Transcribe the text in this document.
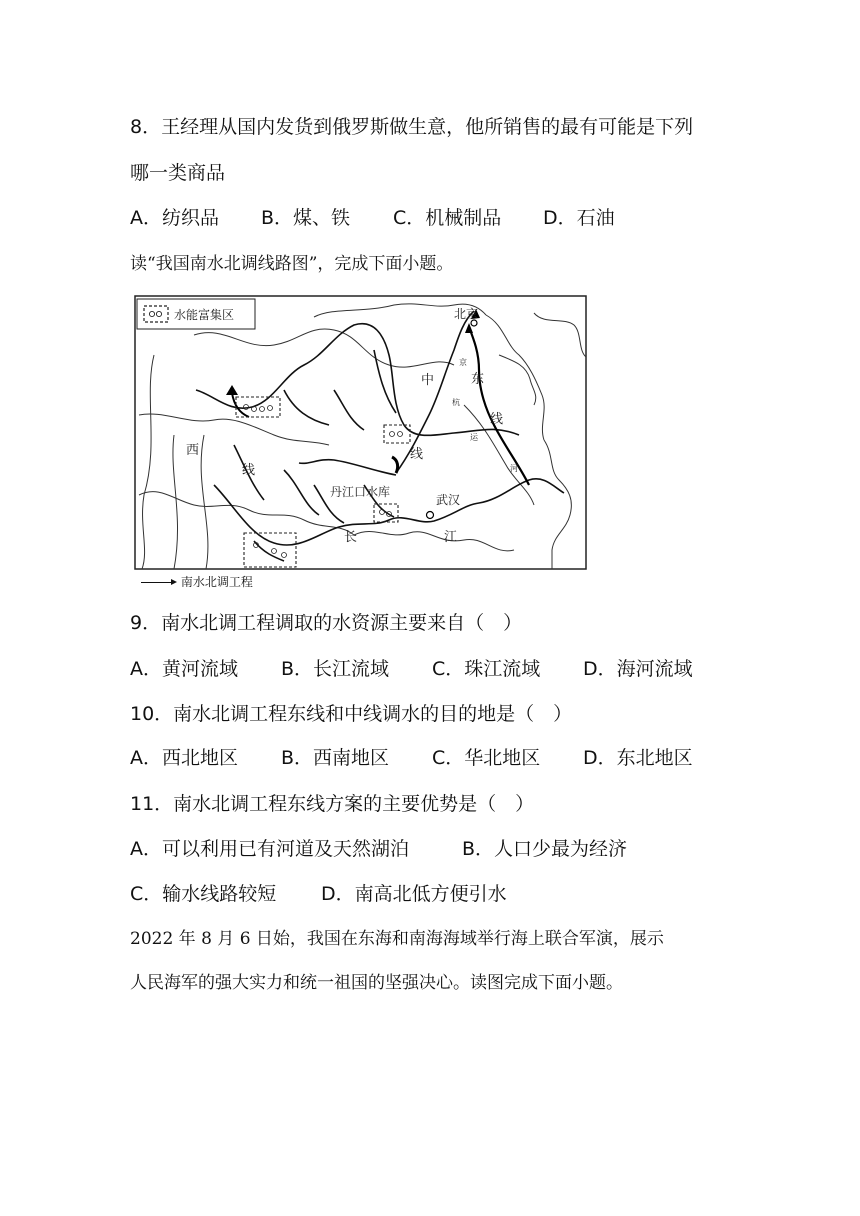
8．王经理从国内发货到俄罗斯做生意，他所销售的最有可能是下列
哪一类商品
A．纺织品 B．煤、铁 C．机械制品 D．石油
读“我国南水北调线路图”，完成下面小题。
水能富集区	北京
中	东
线
西
线
线
丹江口水库
武汉
长	江
京
杭
运
河
南水北调工程
9．南水北调工程调取的水资源主要来自（　）
A．黄河流域 B．长江流域 C．珠江流域 D．海河流域
10．南水北调工程东线和中线调水的目的地是（　）
A．西北地区 B．西南地区 C．华北地区 D．东北地区
11．南水北调工程东线方案的主要优势是（　）
A．可以利用已有河道及天然湖泊	B．人口少最为经济
C．输水线路较短 D．南高北低方便引水
2022 年 8 月 6 日始，我国在东海和南海海域举行海上联合军演，展示
人民海军的强大实力和统一祖国的坚强决心。读图完成下面小题。
